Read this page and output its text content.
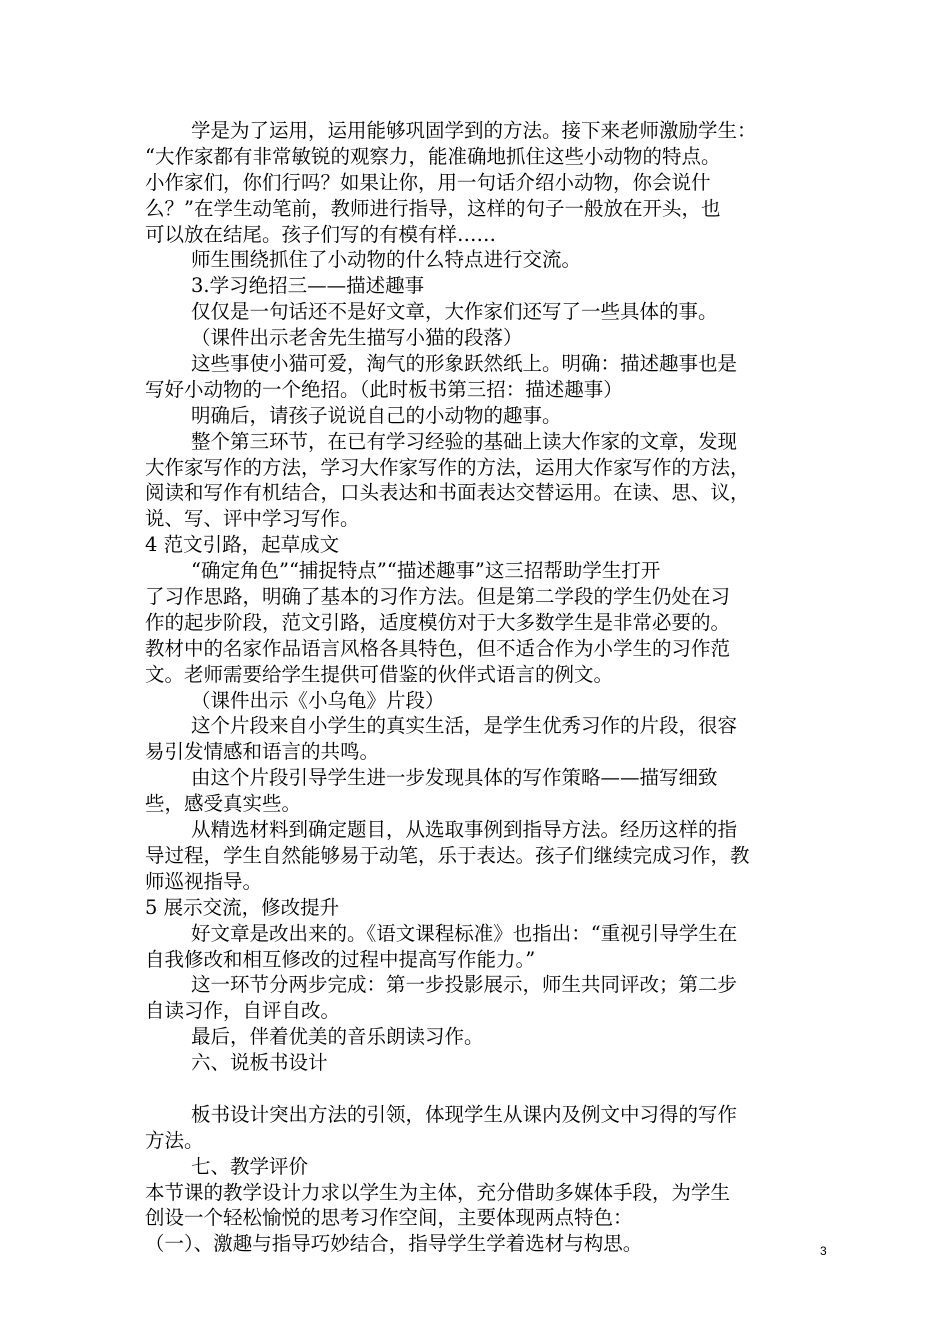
学是为了运用，运用能够巩固学到的方法。接下来老师激励学生：
“大作家都有非常敏锐的观察力，能准确地抓住这些小动物的特点。
小作家们，你们行吗？如果让你，用一句话介绍小动物，你会说什
么？”在学生动笔前，教师进行指导，这样的句子一般放在开头，也
可以放在结尾。孩子们写的有模有样……
师生围绕抓住了小动物的什么特点进行交流。
3.学习绝招三——描述趣事
仅仅是一句话还不是好文章，大作家们还写了一些具体的事。
（课件出示老舍先生描写小猫的段落）
这些事使小猫可爱，淘气的形象跃然纸上。明确：描述趣事也是
写好小动物的一个绝招。（此时板书第三招：描述趣事）
明确后，请孩子说说自己的小动物的趣事。
整个第三环节，在已有学习经验的基础上读大作家的文章，发现
大作家写作的方法，学习大作家写作的方法，运用大作家写作的方法，
阅读和写作有机结合，口头表达和书面表达交替运用。在读、思、议，
说、写、评中学习写作。
4 范文引路，起草成文
“确定角色”“捕捉特点”“描述趣事”这三招帮助学生打开
了习作思路，明确了基本的习作方法。但是第二学段的学生仍处在习
作的起步阶段，范文引路，适度模仿对于大多数学生是非常必要的。
教材中的名家作品语言风格各具特色，但不适合作为小学生的习作范
文。老师需要给学生提供可借鉴的伙伴式语言的例文。
（课件出示《小乌龟》片段）
这个片段来自小学生的真实生活，是学生优秀习作的片段，很容
易引发情感和语言的共鸣。
由这个片段引导学生进一步发现具体的写作策略——描写细致
些，感受真实些。
从精选材料到确定题目，从选取事例到指导方法。经历这样的指
导过程，学生自然能够易于动笔，乐于表达。孩子们继续完成习作，教
师巡视指导。
5 展示交流，修改提升
好文章是改出来的。《语文课程标准》也指出：“重视引导学生在
自我修改和相互修改的过程中提高写作能力。”
这一环节分两步完成：第一步投影展示，师生共同评改；第二步
自读习作，自评自改。
最后，伴着优美的音乐朗读习作。
六、说板书设计
板书设计突出方法的引领，体现学生从课内及例文中习得的写作
方法。
七、教学评价
本节课的教学设计力求以学生为主体，充分借助多媒体手段，为学生
创设一个轻松愉悦的思考习作空间，主要体现两点特色：
（一）、激趣与指导巧妙结合，指导学生学着选材与构思。	3
